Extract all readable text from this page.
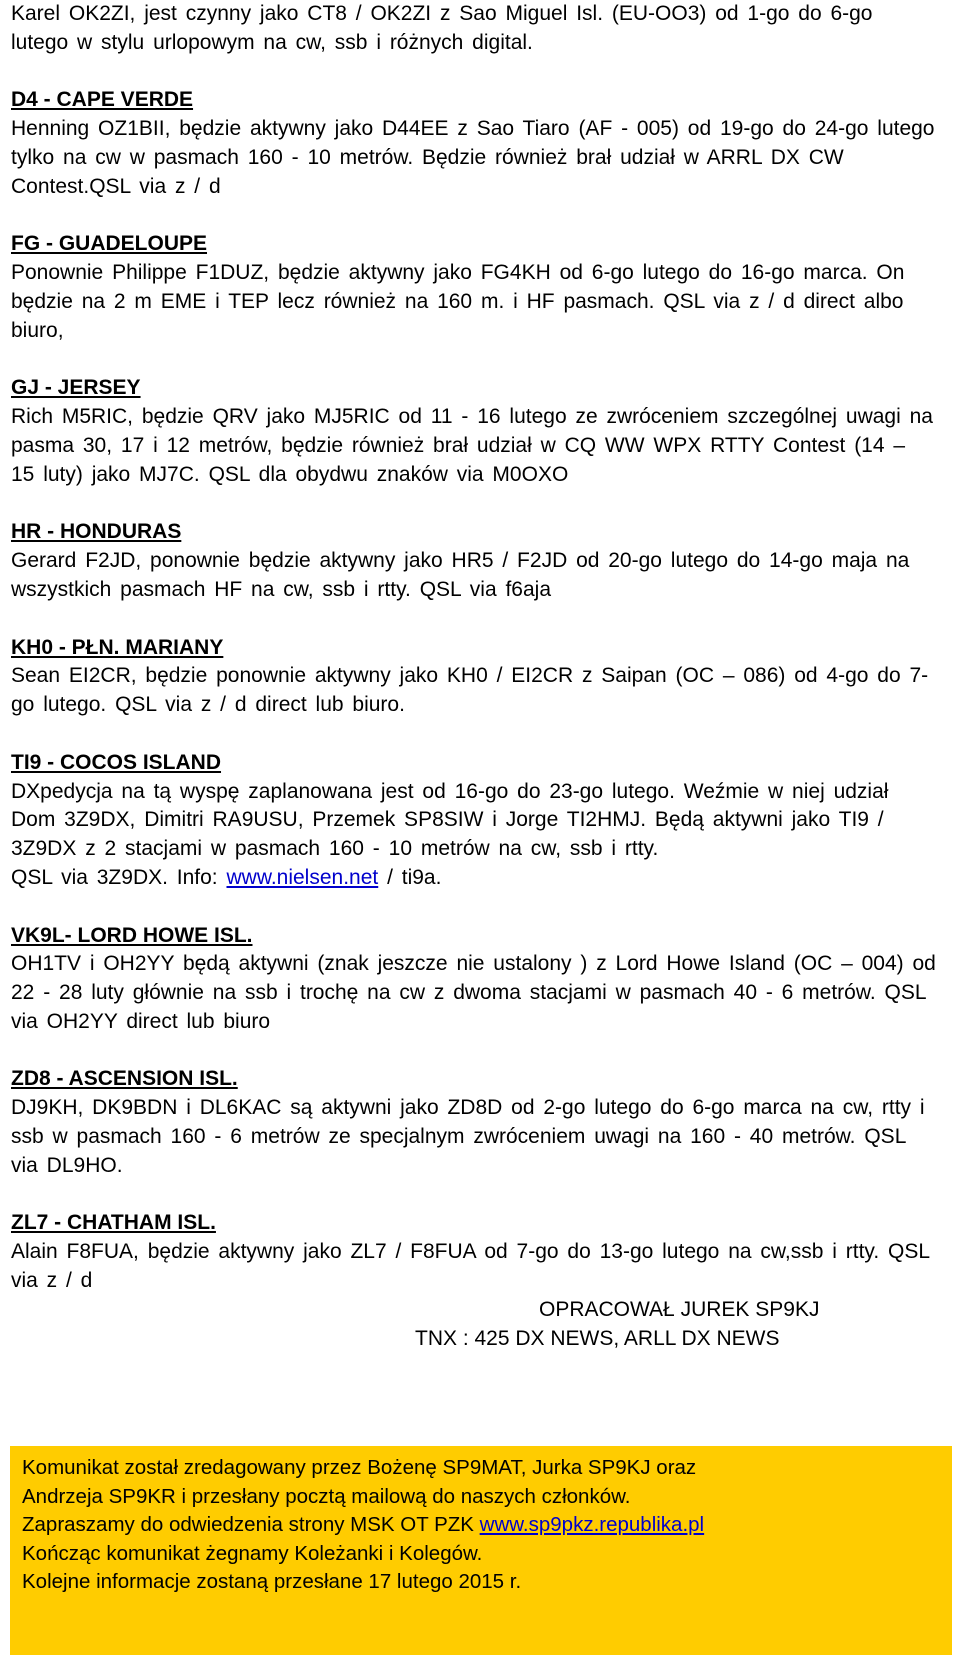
Karel OK2ZI, jest czynny jako CT8 / OK2ZI z Sao Miguel Isl. (EU-OO3) od 1-go do 6-go lutego w stylu urlopowym na cw, ssb i różnych digital.

D4 - CAPE VERDE

Henning OZ1BII, będzie aktywny jako D44EE z Sao Tiaro (AF - 005) od 19-go do 24-go lutego tylko na cw w pasmach 160 - 10 metrów. Będzie również brał udział w ARRL DX CW Contest.QSL via z / d

FG - GUADELOUPE

Ponownie Philippe F1DUZ, będzie aktywny jako FG4KH od 6-go lutego do 16-go marca. On będzie na 2 m EME i TEP lecz również na 160 m. i HF pasmach. QSL via z / d direct albo biuro,

GJ - JERSEY

Rich M5RIC, będzie QRV jako MJ5RIC od 11 - 16 lutego ze zwróceniem szczególnej uwagi na pasma 30, 17 i 12 metrów, będzie również brał udział w CQ WW WPX RTTY Contest (14 – 15 luty) jako MJ7C. QSL dla obydwu znaków via M0OXO

HR - HONDURAS

Gerard F2JD, ponownie będzie aktywny jako HR5 / F2JD od 20-go lutego do 14-go maja na wszystkich pasmach HF na cw, ssb i rtty. QSL via f6aja

KH0 - PŁN. MARIANY

Sean EI2CR, będzie ponownie aktywny jako KH0 / EI2CR z Saipan (OC – 086) od 4-go do 7-go lutego. QSL via z / d direct lub biuro.

TI9 - COCOS ISLAND

DXpedycja na tą wyspę zaplanowana jest od 16-go do 23-go lutego. Weźmie w niej udział Dom 3Z9DX, Dimitri RA9USU, Przemek SP8SIW i Jorge TI2HMJ. Będą aktywni jako TI9 / 3Z9DX z 2 stacjami w pasmach 160 - 10 metrów na cw, ssb i rtty.

QSL via 3Z9DX. Info: www.nielsen.net / ti9a.

VK9L- LORD HOWE ISL.

OH1TV i OH2YY będą aktywni (znak jeszcze nie ustalony ) z Lord Howe Island (OC – 004) od 22 - 28 luty głównie na ssb i trochę na cw z dwoma stacjami w pasmach 40 - 6 metrów. QSL via OH2YY direct lub biuro

ZD8 - ASCENSION ISL.

DJ9KH, DK9BDN i DL6KAC są aktywni jako ZD8D od 2-go lutego do 6-go marca na cw, rtty i ssb w pasmach 160 - 6 metrów ze specjalnym zwróceniem uwagi na 160 - 40 metrów. QSL via DL9HO.

ZL7 - CHATHAM ISL.

Alain F8FUA, będzie aktywny jako ZL7 / F8FUA od 7-go do 13-go lutego na cw,ssb i rtty. QSL via z / d

OPRACOWAŁ JUREK SP9KJ
TNX : 425 DX NEWS, ARLL DX NEWS

Komunikat został zredagowany przez Bożenę SP9MAT, Jurka SP9KJ oraz

Andrzeja SP9KR i przesłany pocztą mailową do naszych członków.

Zapraszamy do odwiedzenia strony MSK OT PZK www.sp9pkz.republika.pl

Kończąc komunikat żegnamy Koleżanki i Kolegów.

Kolejne informacje zostaną przesłane 17 lutego 2015 r.
